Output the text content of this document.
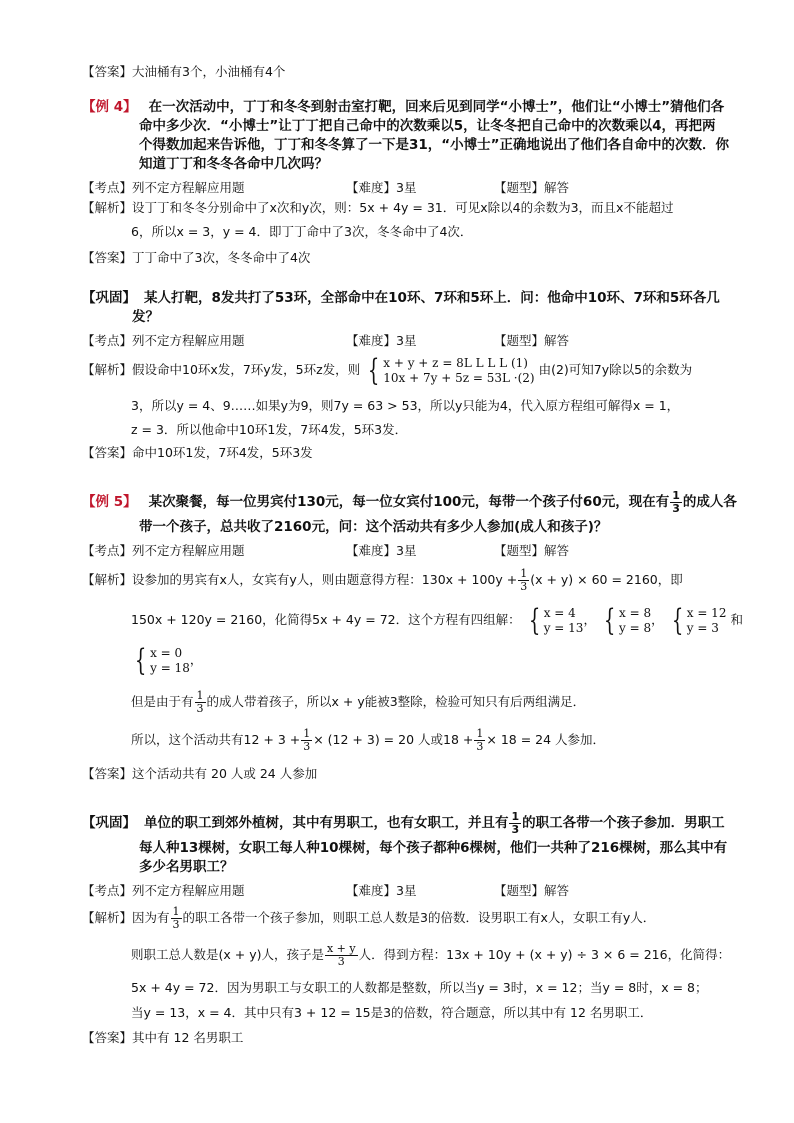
【答案】大油桶有3个，小油桶有4个
【例 4】 在一次活动中，丁丁和冬冬到射击室打靶，回来后见到同学“小博士”，他们让“小博士”猜他们各
命中多少次．“小博士”让丁丁把自己命中的次数乘以5，让冬冬把自己命中的次数乘以4，再把两
个得数加起来告诉他，丁丁和冬冬算了一下是31，“小博士”正确地说出了他们各自命中的次数．你
知道丁丁和冬冬各命中几次吗？
【考点】列不定方程解应用题	【难度】3星	【题型】解答
【解析】设丁丁和冬冬分别命中了x次和y次，则：5x + 4y = 31．可见x除以4的余数为3，而且x不能超过
6，所以x = 3，y = 4．即丁丁命中了3次，冬冬命中了4次．
【答案】丁丁命中了3次，冬冬命中了4次
【巩固】 某人打靶，8发共打了53环，全部命中在10环、7环和5环上．问：他命中10环、7环和5环各几
发？
【考点】列不定方程解应用题	【难度】3星	【题型】解答
【解析】假设命中10环x发，7环y发，5环z发，则 { x + y + z = 8L L L L (1)
10x + 7y + 5z = 53L ·(2)
由(2)可知7y除以5的余数为
3，所以y = 4、9……如果y为9，则7y = 63 > 53，所以y只能为4，代入原方程组可解得x = 1，
z = 3．所以他命中10环1发，7环4发，5环3发．
【答案】命中10环1发，7环4发，5环3发
【例 5】 某次聚餐，每一位男宾付130元，每一位女宾付100元，每带一个孩子付60元，现在有 $\frac{1}{3}$ 的成人各
带一个孩子，总共收了2160元，问：这个活动共有多少人参加(成人和孩子)？
【考点】列不定方程解应用题	【难度】3星	【题型】解答
【解析】设参加的男宾有x人，女宾有y人，则由题意得方程：$130x + 100y + \frac{1}{3} (x + y) \times 60 = 2160$，即
150x + 120y = 2160，化简得5x + 4y = 72．这个方程有四组解： { x = 4
y = 13
， { x = 8
y = 8
， { x = 12
y = 3
和
{ x = 0
y = 18
，
但是由于有 $\frac{1}{3}$ 的成人带着孩子，所以x + y能被3整除，检验可知只有后两组满足．
所以，这个活动共有$12 + 3 + \frac{1}{3} \times (12 + 3) = 20$ 人或$18 + \frac{1}{3} \times 18 = 24$ 人参加．
【答案】这个活动共有 20 人或 24 人参加
【巩固】 单位的职工到郊外植树，其中有男职工，也有女职工，并且有 $\frac{1}{3}$ 的职工各带一个孩子参加．男职工
每人种13棵树，女职工每人种10棵树，每个孩子都种6棵树，他们一共种了216棵树，那么其中有
多少名男职工？
【考点】列不定方程解应用题	【难度】3星	【题型】解答
【解析】因为有 $\frac{1}{3}$ 的职工各带一个孩子参加，则职工总人数是3的倍数．设男职工有x人，女职工有y人．
则职工总人数是(x + y)人，孩子是 $\frac{x + y}{3}$ 人．得到方程：13x + 10y + (x + y) ÷ 3 × 6 = 216，化简得：
5x + 4y = 72．因为男职工与女职工的人数都是整数，所以当y = 3时，x = 12；当y = 8时，x = 8；
当y = 13，x = 4．其中只有3 + 12 = 15是3的倍数，符合题意，所以其中有 12 名男职工．
【答案】其中有 12 名男职工
